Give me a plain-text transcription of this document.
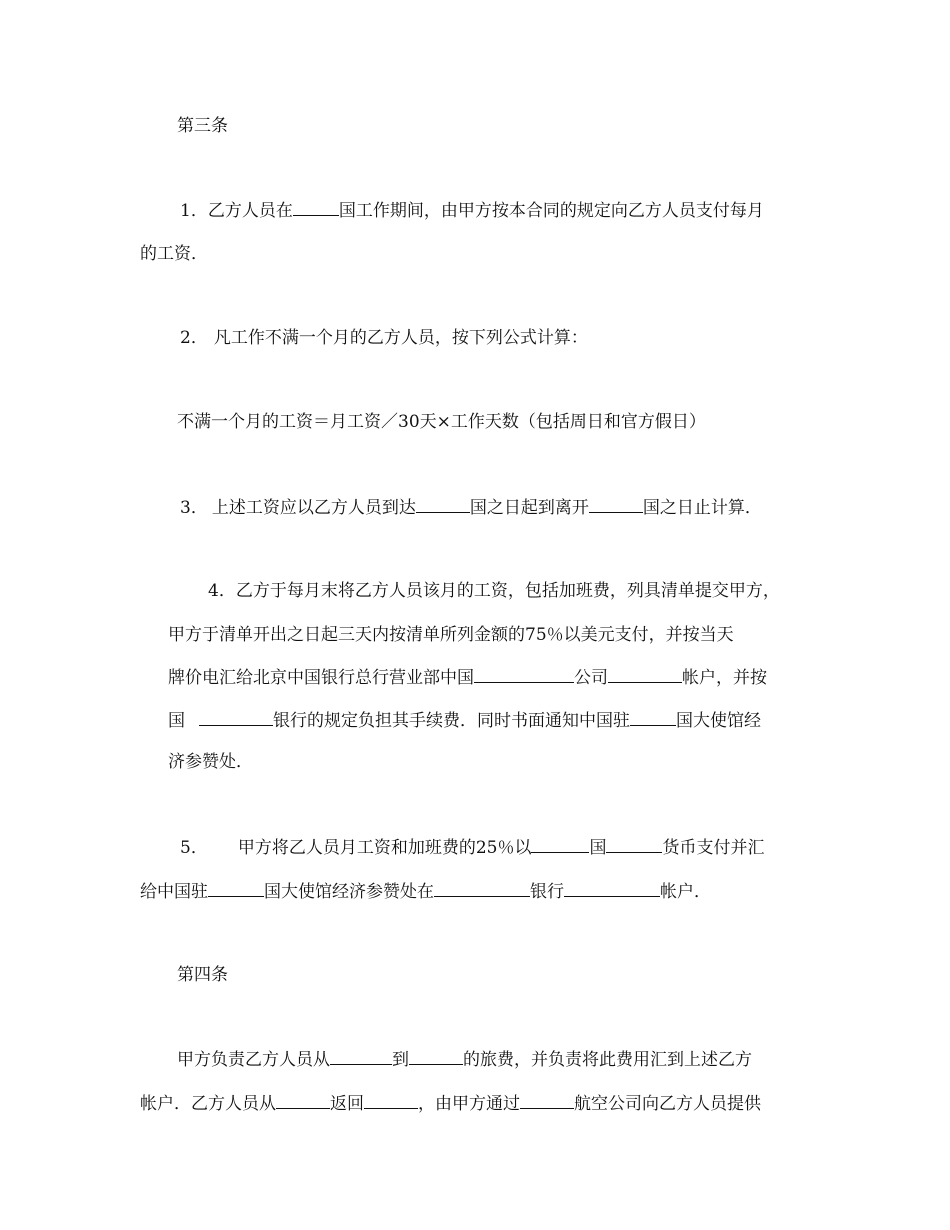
第三条
1．乙方人员在	国工作期间，由甲方按本合同的规定向乙方人员支付每月
的工资．
2． 凡工作不满一个月的乙方人员，按下列公式计算：
不满一个月的工资＝月工资／30天×工作天数（包括周日和官方假日）
3． 上述工资应以乙方人员到达	国之日起到离开	国之日止计算．
4．乙方于每月末将乙方人员该月的工资，包括加班费，列具清单提交甲方，
甲方于清单开出之日起三天内按清单所列金额的75％以美元支付，并按当天
牌价电汇给北京中国银行总行营业部中国	公司	帐户，并按
国	银行的规定负担其手续费．同时书面通知中国驻	国大使馆经
济参赞处．
5． 甲方将乙人员月工资和加班费的25％以	国	货币支付并汇
给中国驻	国大使馆经济参赞处在	银行	帐户．
第四条
甲方负责乙方人员从	到	的旅费，并负责将此费用汇到上述乙方
帐户．乙方人员从	返回	，由甲方通过	航空公司向乙方人员提供
